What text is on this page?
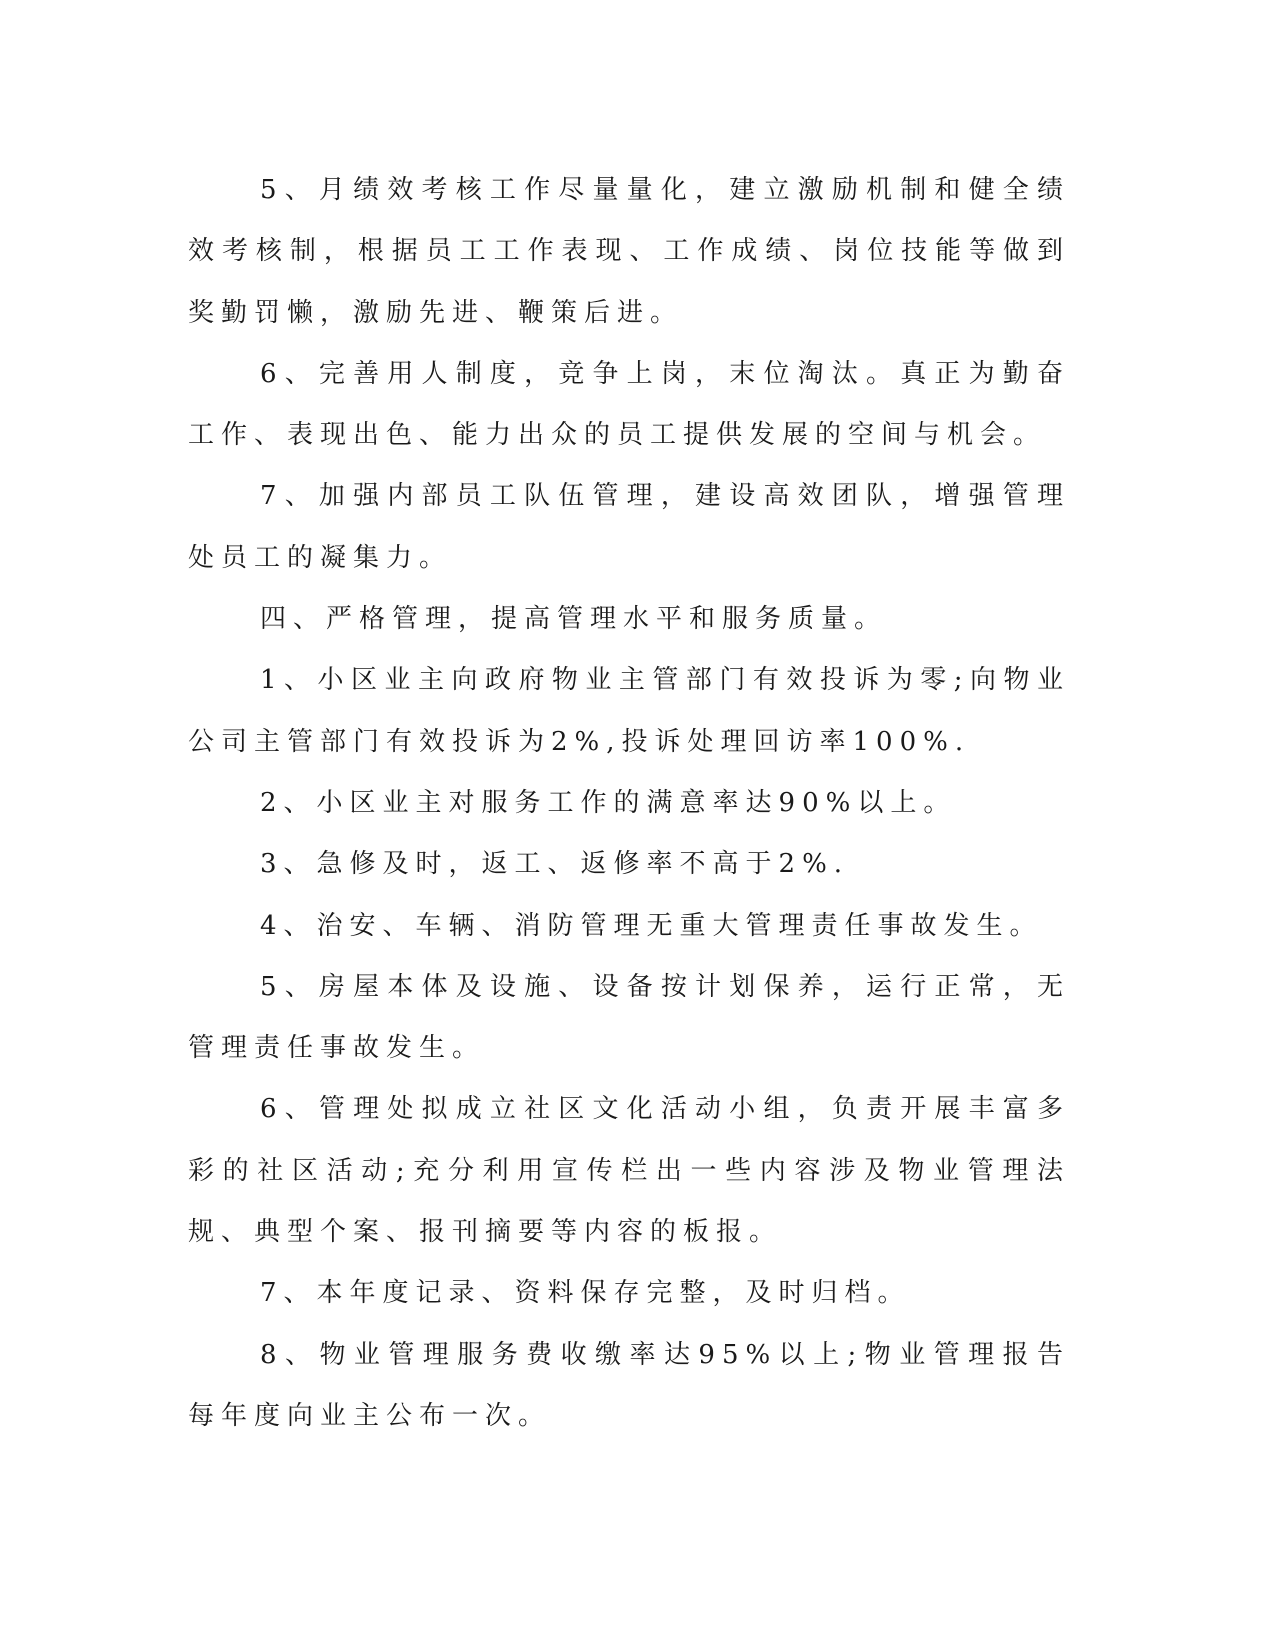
5、月绩效考核工作尽量量化，建立激励机制和健全绩效考核制，根据员工工作表现、工作成绩、岗位技能等做到奖勤罚懒，激励先进、鞭策后进。

6、完善用人制度，竞争上岗，末位淘汰。真正为勤奋工作、表现出色、能力出众的员工提供发展的空间与机会。

7、加强内部员工队伍管理，建设高效团队，增强管理处员工的凝集力。

四、严格管理，提高管理水平和服务质量。

1、小区业主向政府物业主管部门有效投诉为零;向物业公司主管部门有效投诉为2%,投诉处理回访率100%.

2、小区业主对服务工作的满意率达90%以上。

3、急修及时，返工、返修率不高于2%.

4、治安、车辆、消防管理无重大管理责任事故发生。

5、房屋本体及设施、设备按计划保养，运行正常，无管理责任事故发生。

6、管理处拟成立社区文化活动小组，负责开展丰富多彩的社区活动;充分利用宣传栏出一些内容涉及物业管理法规、典型个案、报刊摘要等内容的板报。

7、本年度记录、资料保存完整，及时归档。

8、物业管理服务费收缴率达95%以上;物业管理报告每年度向业主公布一次。
